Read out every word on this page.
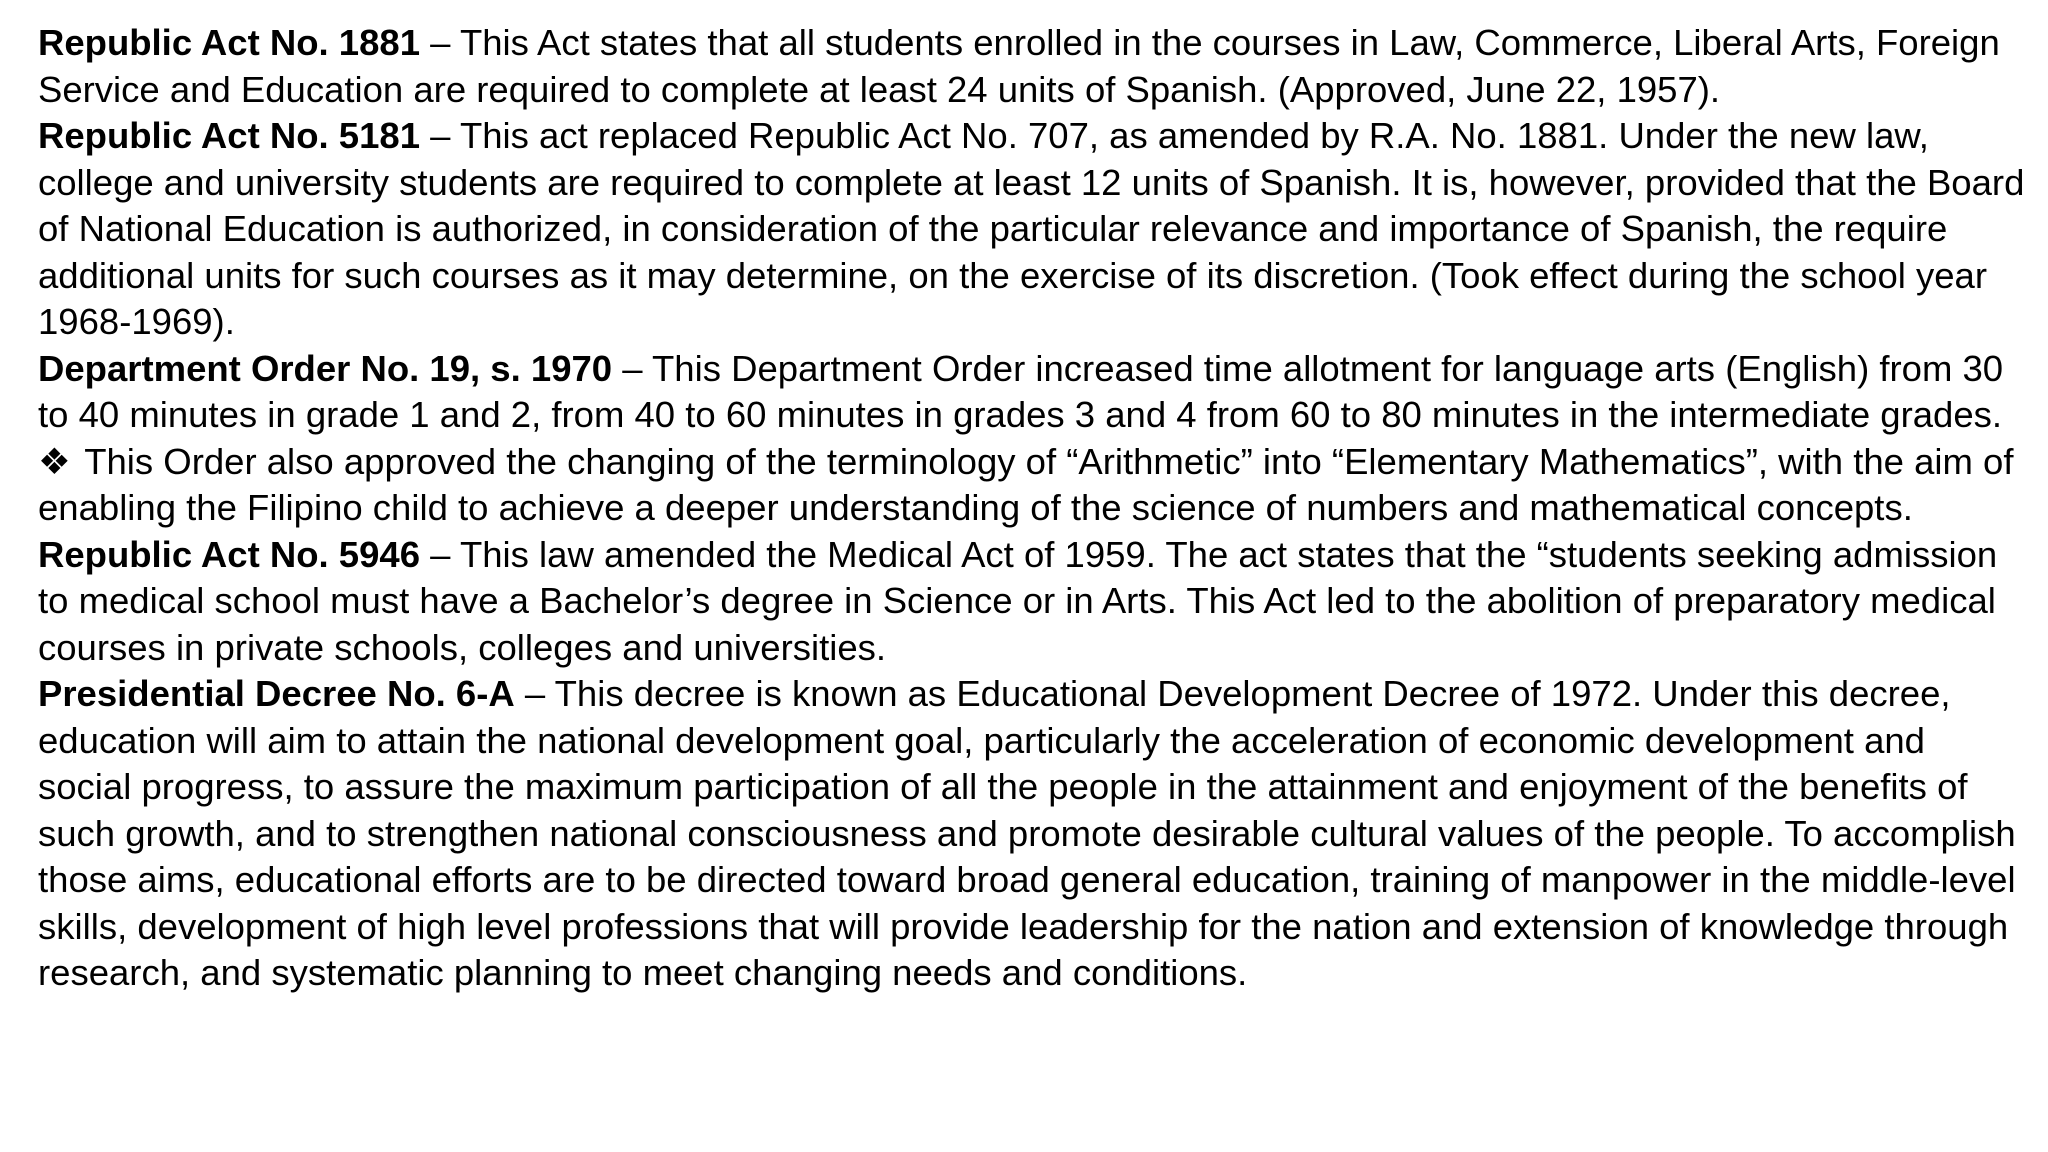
Republic Act No. 1881 – This Act states that all students enrolled in the courses in Law, Commerce, Liberal Arts, Foreign Service and Education are required to complete at least 24 units of Spanish. (Approved, June 22, 1957).

Republic Act No. 5181 – This act replaced Republic Act No. 707, as amended by R.A. No. 1881. Under the new law, college and university students are required to complete at least 12 units of Spanish. It is, however, provided that the Board of National Education is authorized, in consideration of the particular relevance and importance of Spanish, the require additional units for such courses as it may determine, on the exercise of its discretion. (Took effect during the school year 1968-1969).

Department Order No. 19, s. 1970 – This Department Order increased time allotment for language arts (English) from 30 to 40 minutes in grade 1 and 2, from 40 to 60 minutes in grades 3 and 4 from 60 to 80 minutes in the intermediate grades.

❖ This Order also approved the changing of the terminology of “Arithmetic” into “Elementary Mathematics”, with the aim of enabling the Filipino child to achieve a deeper understanding of the science of numbers and mathematical concepts.

Republic Act No. 5946 – This law amended the Medical Act of 1959. The act states that the “students seeking admission to medical school must have a Bachelor’s degree in Science or in Arts. This Act led to the abolition of preparatory medical courses in private schools, colleges and universities.

Presidential Decree No. 6-A – This decree is known as Educational Development Decree of 1972. Under this decree, education will aim to attain the national development goal, particularly the acceleration of economic development and social progress, to assure the maximum participation of all the people in the attainment and enjoyment of the benefits of such growth, and to strengthen national consciousness and promote desirable cultural values of the people. To accomplish those aims, educational efforts are to be directed toward broad general education, training of manpower in the middle-level skills, development of high level professions that will provide leadership for the nation and extension of knowledge through research, and systematic planning to meet changing needs and conditions.
